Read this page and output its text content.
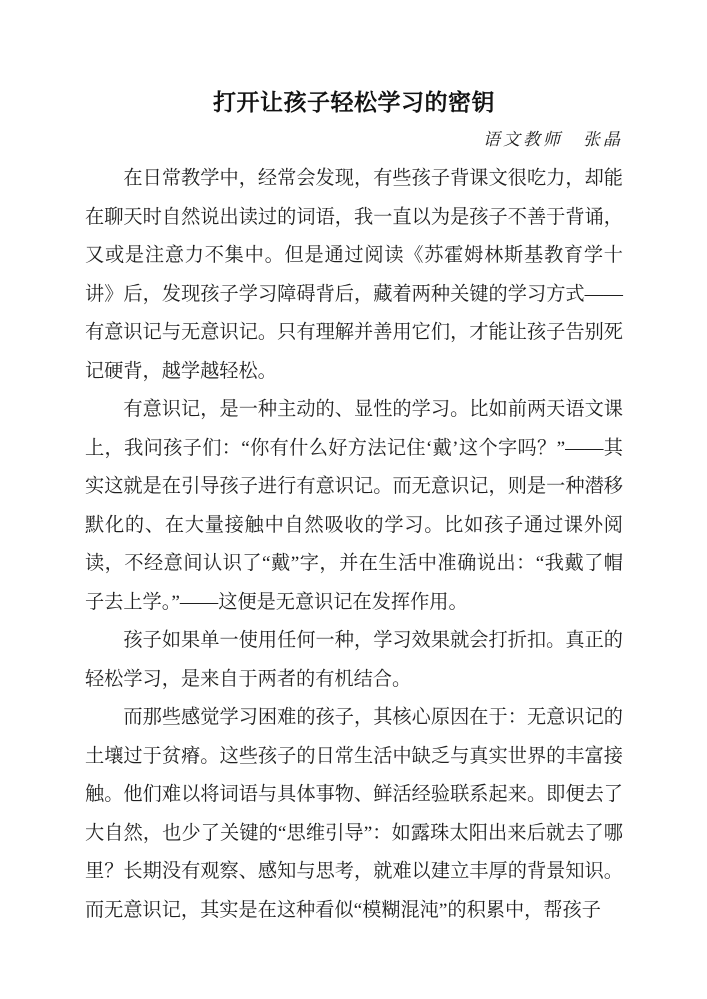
打开让孩子轻松学习的密钥
语文教师　张晶

在日常教学中，经常会发现，有些孩子背课文很吃力，却能在聊天时自然说出读过的词语，我一直以为是孩子不善于背诵，又或是注意力不集中。但是通过阅读《苏霍姆林斯基教育学十讲》后，发现孩子学习障碍背后，藏着两种关键的学习方式——有意识记与无意识记。只有理解并善用它们，才能让孩子告别死记硬背，越学越轻松。

有意识记，是一种主动的、显性的学习。比如前两天语文课上，我问孩子们：“你有什么好方法记住‘戴’这个字吗？”——其实这就是在引导孩子进行有意识记。而无意识记，则是一种潜移默化的、在大量接触中自然吸收的学习。比如孩子通过课外阅读，不经意间认识了“戴”字，并在生活中准确说出：“我戴了帽子去上学。”——这便是无意识记在发挥作用。

孩子如果单一使用任何一种，学习效果就会打折扣。真正的轻松学习，是来自于两者的有机结合。

而那些感觉学习困难的孩子，其核心原因在于：无意识记的土壤过于贫瘠。这些孩子的日常生活中缺乏与真实世界的丰富接触。他们难以将词语与具体事物、鲜活经验联系起来。即便去了大自然，也少了关键的“思维引导”：如露珠太阳出来后就去了哪里？长期没有观察、感知与思考，就难以建立丰厚的背景知识。而无意识记，其实是在这种看似“模糊混沌”的积累中，帮孩子
